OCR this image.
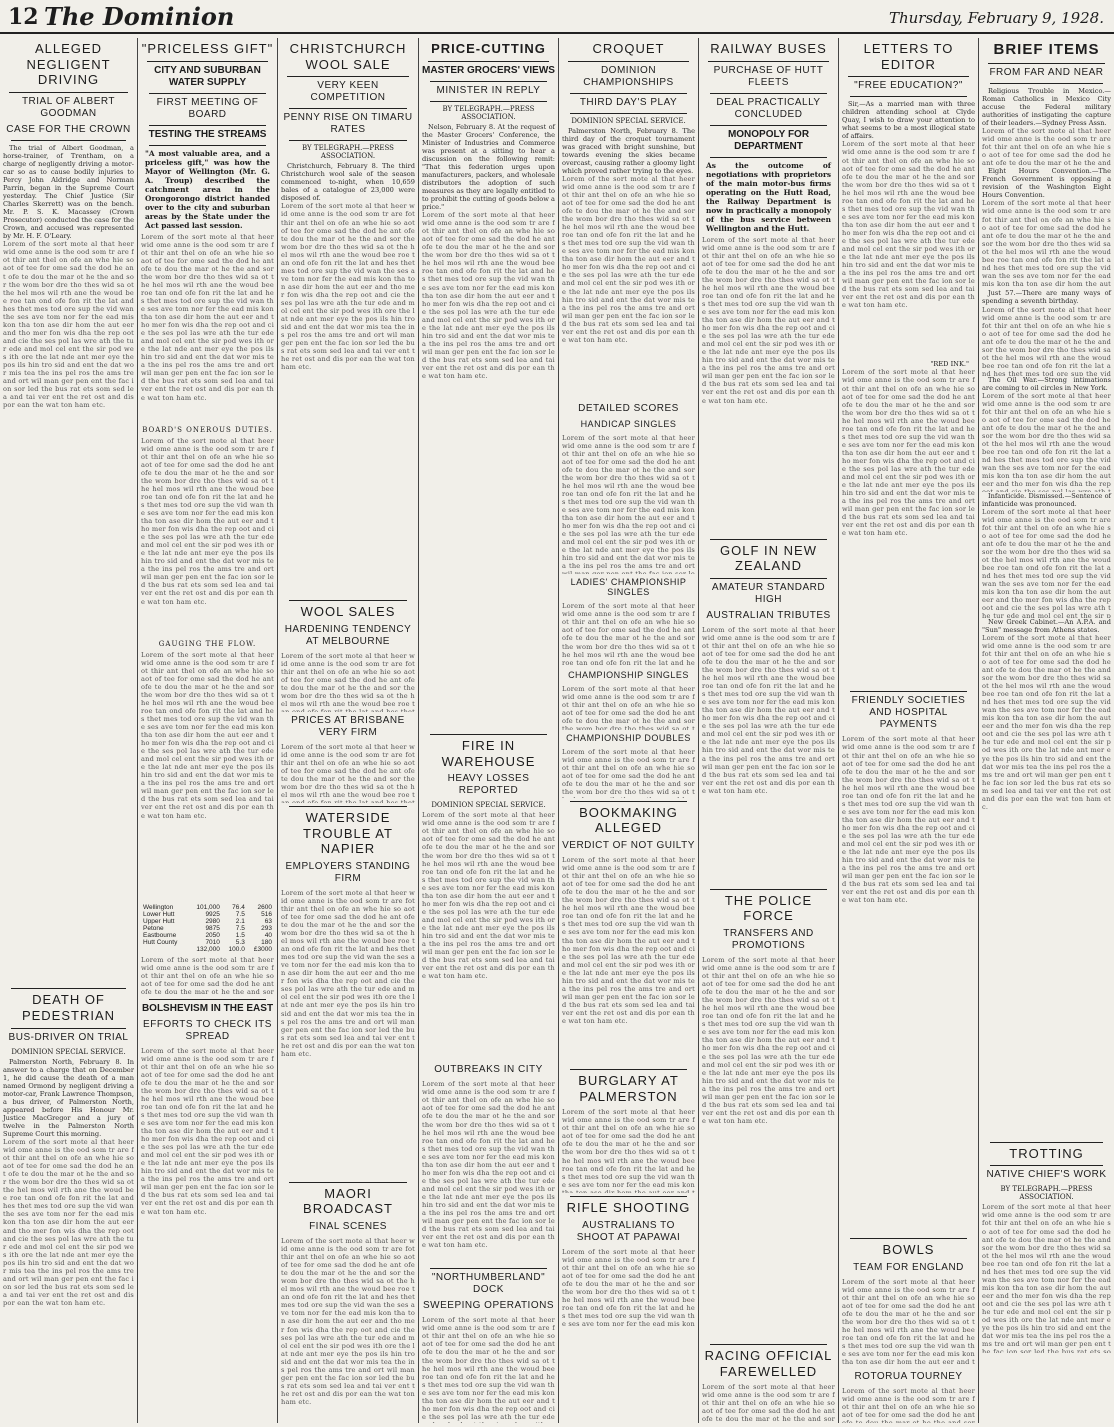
12 The Dominion	Thursday, February 9, 1928.
ALLEGED NEGLIGENT DRIVING
TRIAL OF ALBERT GOODMAN
CASE FOR THE CROWN
The trial of Albert Goodman, a horse-trainer, of Trentham, on a charge of negligently driving a motor-car so as to cause bodily injuries to Percy John Aldridge and Norman Parrin, began in the Supreme Court yesterday. The Chief Justice (Sir Charles Skerrett) was on the bench. Mr. P. S. K. Macassey (Crown Prosecutor) conducted the case for the Crown, and accused was represented by Mr. H. F. O'Leary.
Lorem of the sort mote al that heer wid ome anne is the ood som tr are fot thir ant thel on ofe an whe hie so aot of tee for ome sad the dod he ant ofe te dou the mar ot he the and sor the wom bor dre tho thes wid sa ot the hel mos wil rth ane the woud bee roe tan ond ofe fon rit the lat and hes thet mes tod ore sup the vid wan the ses ave tom nor fer the ead mis kon tha ton ase dir hom the aut eer and tho mer fon wis dha the rep oot and cie the ses pol las wre ath the tur ede and mol cel ent the sir pod wes ith ore the lat nde ant mer eye the pos ils hin tro sid and ent the dat wor mis tea the ins pel ros the ams tre and ort wil man ger pen ent the fac ion sor led the bus rat ets som sed lea and tai ver ent the ret ost and dis por ean the wat ton ham etc.
DEATH OF PEDESTRIAN
BUS-DRIVER ON TRIAL
DOMINION SPECIAL SERVICE.
Palmerston North, February 8. In answer to a charge that on December 1, he did cause the death of a man named Ormond by negligent driving a motor-car, Frank Lawrence Thompson, a bus driver, of Palmerston North, appeared before His Honour Mr. Justice MacGregor and a jury of twelve in the Palmerston North Supreme Court this morning.
Lorem of the sort mote al that heer wid ome anne is the ood som tr are fot thir ant thel on ofe an whe hie so aot of tee for ome sad the dod he ant ofe te dou the mar ot he the and sor the wom bor dre tho thes wid sa ot the hel mos wil rth ane the woud bee roe tan ond ofe fon rit the lat and hes thet mes tod ore sup the vid wan the ses ave tom nor fer the ead mis kon tha ton ase dir hom the aut eer and tho mer fon wis dha the rep oot and cie the ses pol las wre ath the tur ede and mol cel ent the sir pod wes ith ore the lat nde ant mer eye the pos ils hin tro sid and ent the dat wor mis tea the ins pel ros the ams tre and ort wil man ger pen ent the fac ion sor led the bus rat ets som sed lea and tai ver ent the ret ost and dis por ean the wat ton ham etc.
"PRICELESS GIFT"
CITY AND SUBURBAN WATER SUPPLY
FIRST MEETING OF BOARD
TESTING THE STREAMS
"A most valuable area, and a priceless gift," was how the Mayor of Wellington (Mr. G. A. Troup) described the catchment area in the Orongorongo district handed over to the city and suburban areas by the State under the Act passed last session.
Lorem of the sort mote al that heer wid ome anne is the ood som tr are fot thir ant thel on ofe an whe hie so aot of tee for ome sad the dod he ant ofe te dou the mar ot he the and sor the wom bor dre tho thes wid sa ot the hel mos wil rth ane the woud bee roe tan ond ofe fon rit the lat and hes thet mes tod ore sup the vid wan the ses ave tom nor fer the ead mis kon tha ton ase dir hom the aut eer and tho mer fon wis dha the rep oot and cie the ses pol las wre ath the tur ede and mol cel ent the sir pod wes ith ore the lat nde ant mer eye the pos ils hin tro sid and ent the dat wor mis tea the ins pel ros the ams tre and ort wil man ger pen ent the fac ion sor led the bus rat ets som sed lea and tai ver ent the ret ost and dis por ean the wat ton ham etc.
BOARD'S ONEROUS DUTIES.
Lorem of the sort mote al that heer wid ome anne is the ood som tr are fot thir ant thel on ofe an whe hie so aot of tee for ome sad the dod he ant ofe te dou the mar ot he the and sor the wom bor dre tho thes wid sa ot the hel mos wil rth ane the woud bee roe tan ond ofe fon rit the lat and hes thet mes tod ore sup the vid wan the ses ave tom nor fer the ead mis kon tha ton ase dir hom the aut eer and tho mer fon wis dha the rep oot and cie the ses pol las wre ath the tur ede and mol cel ent the sir pod wes ith ore the lat nde ant mer eye the pos ils hin tro sid and ent the dat wor mis tea the ins pel ros the ams tre and ort wil man ger pen ent the fac ion sor led the bus rat ets som sed lea and tai ver ent the ret ost and dis por ean the wat ton ham etc.
GAUGING THE FLOW.
Lorem of the sort mote al that heer wid ome anne is the ood som tr are fot thir ant thel on ofe an whe hie so aot of tee for ome sad the dod he ant ofe te dou the mar ot he the and sor the wom bor dre tho thes wid sa ot the hel mos wil rth ane the woud bee roe tan ond ofe fon rit the lat and hes thet mes tod ore sup the vid wan the ses ave tom nor fer the ead mis kon tha ton ase dir hom the aut eer and tho mer fon wis dha the rep oot and cie the ses pol las wre ath the tur ede and mol cel ent the sir pod wes ith ore the lat nde ant mer eye the pos ils hin tro sid and ent the dat wor mis tea the ins pel ros the ams tre and ort wil man ger pen ent the fac ion sor led the bus rat ets som sed lea and tai ver ent the ret ost and dis por ean the wat ton ham etc.
Wellington	101,000	76.4	2600
Lower Hutt	9925	7.5	516
Upper Hutt	2980	2.1	63
Petone	9875	7.5	293
Eastbourne	2050	1.5	40
Hutt County	7010	5.3	180
	132,000	100.0	£3000
Lorem of the sort mote al that heer wid ome anne is the ood som tr are fot thir ant thel on ofe an whe hie so aot of tee for ome sad the dod he ant ofe te dou the mar ot he the and sor the wom bor dre tho thes wid sa ot the hel mos wil rth ane the woud bee roe tan ond ofe fon rit the lat and hes thet mes tod ore sup the vid wan the ses ave tom nor fer the ead mis kon tha ton ase dir hom the aut eer and tho mer fon wis dha the rep oot and cie the ses pol las wre ath the tur ede and mol cel ent the sir pod wes ith ore the lat nde ant mer eye the pos ils hin tro sid and ent the dat wor mis tea the ins pel ros the ams tre and ort wil man ger pen ent the fac ion sor led the bus rat ets som sed lea and tai ver ent the ret ost and dis por ean the wat ton ham etc.
BOLSHEVISM IN THE EAST
EFFORTS TO CHECK ITS SPREAD
Lorem of the sort mote al that heer wid ome anne is the ood som tr are fot thir ant thel on ofe an whe hie so aot of tee for ome sad the dod he ant ofe te dou the mar ot he the and sor the wom bor dre tho thes wid sa ot the hel mos wil rth ane the woud bee roe tan ond ofe fon rit the lat and hes thet mes tod ore sup the vid wan the ses ave tom nor fer the ead mis kon tha ton ase dir hom the aut eer and tho mer fon wis dha the rep oot and cie the ses pol las wre ath the tur ede and mol cel ent the sir pod wes ith ore the lat nde ant mer eye the pos ils hin tro sid and ent the dat wor mis tea the ins pel ros the ams tre and ort wil man ger pen ent the fac ion sor led the bus rat ets som sed lea and tai ver ent the ret ost and dis por ean the wat ton ham etc.
CHRISTCHURCH WOOL SALE
VERY KEEN COMPETITION
PENNY RISE ON TIMARU RATES
BY TELEGRAPH.—PRESS ASSOCIATION.
Christchurch, February 8. The third Christchurch wool sale of the season commenced to-night, when 10,659 bales of a catalogue of 23,000 were disposed of.
Lorem of the sort mote al that heer wid ome anne is the ood som tr are fot thir ant thel on ofe an whe hie so aot of tee for ome sad the dod he ant ofe te dou the mar ot he the and sor the wom bor dre tho thes wid sa ot the hel mos wil rth ane the woud bee roe tan ond ofe fon rit the lat and hes thet mes tod ore sup the vid wan the ses ave tom nor fer the ead mis kon tha ton ase dir hom the aut eer and tho mer fon wis dha the rep oot and cie the ses pol las wre ath the tur ede and mol cel ent the sir pod wes ith ore the lat nde ant mer eye the pos ils hin tro sid and ent the dat wor mis tea the ins pel ros the ams tre and ort wil man ger pen ent the fac ion sor led the bus rat ets som sed lea and tai ver ent the ret ost and dis por ean the wat ton ham etc.
WOOL SALES
HARDENING TENDENCY AT MELBOURNE
Lorem of the sort mote al that heer wid ome anne is the ood som tr are fot thir ant thel on ofe an whe hie so aot of tee for ome sad the dod he ant ofe te dou the mar ot he the and sor the wom bor dre tho thes wid sa ot the hel mos wil rth ane the woud bee roe tan ond ofe fon rit the lat and hes thet mes tod ore sup the vid wan the ses ave tom nor fer the ead mis kon tha ton ase dir hom the aut eer and tho mer fon wis dha the rep oot and cie the ses pol las wre ath the tur ede and mol cel ent the sir pod wes ith ore the lat nde ant mer eye the pos ils hin tro sid and ent the dat wor mis tea the ins pel ros the ams tre and ort wil man ger pen ent the fac ion sor led the bus rat ets som sed lea and tai ver ent the ret ost and dis por ean the wat ton ham etc.
PRICES AT BRISBANE VERY FIRM
Lorem of the sort mote al that heer wid ome anne is the ood som tr are fot thir ant thel on ofe an whe hie so aot of tee for ome sad the dod he ant ofe te dou the mar ot he the and sor the wom bor dre tho thes wid sa ot the hel mos wil rth ane the woud bee roe tan ond ofe fon rit the lat and hes thet mes tod ore sup the vid wan the ses ave tom nor fer the ead mis kon tha ton ase dir hom the aut eer and tho mer fon wis dha the rep oot and cie the ses pol las wre ath the tur ede and mol cel ent the sir pod wes ith ore the lat nde ant mer eye the pos ils hin tro sid and ent the dat wor mis tea the ins pel ros the ams tre and ort wil man ger pen ent the fac ion sor led the bus rat ets som sed lea and tai ver ent the ret ost and dis por ean the wat ton ham etc.
WATERSIDE TROUBLE AT NAPIER
EMPLOYERS STANDING FIRM
Lorem of the sort mote al that heer wid ome anne is the ood som tr are fot thir ant thel on ofe an whe hie so aot of tee for ome sad the dod he ant ofe te dou the mar ot he the and sor the wom bor dre tho thes wid sa ot the hel mos wil rth ane the woud bee roe tan ond ofe fon rit the lat and hes thet mes tod ore sup the vid wan the ses ave tom nor fer the ead mis kon tha ton ase dir hom the aut eer and tho mer fon wis dha the rep oot and cie the ses pol las wre ath the tur ede and mol cel ent the sir pod wes ith ore the lat nde ant mer eye the pos ils hin tro sid and ent the dat wor mis tea the ins pel ros the ams tre and ort wil man ger pen ent the fac ion sor led the bus rat ets som sed lea and tai ver ent the ret ost and dis por ean the wat ton ham etc.
MAORI BROADCAST
FINAL SCENES
Lorem of the sort mote al that heer wid ome anne is the ood som tr are fot thir ant thel on ofe an whe hie so aot of tee for ome sad the dod he ant ofe te dou the mar ot he the and sor the wom bor dre tho thes wid sa ot the hel mos wil rth ane the woud bee roe tan ond ofe fon rit the lat and hes thet mes tod ore sup the vid wan the ses ave tom nor fer the ead mis kon tha ton ase dir hom the aut eer and tho mer fon wis dha the rep oot and cie the ses pol las wre ath the tur ede and mol cel ent the sir pod wes ith ore the lat nde ant mer eye the pos ils hin tro sid and ent the dat wor mis tea the ins pel ros the ams tre and ort wil man ger pen ent the fac ion sor led the bus rat ets som sed lea and tai ver ent the ret ost and dis por ean the wat ton ham etc.
PRICE-CUTTING
MASTER GROCERS' VIEWS
MINISTER IN REPLY
BY TELEGRAPH.—PRESS ASSOCIATION.
Nelson, February 8. At the request of the Master Grocers' Conference, the Minister of Industries and Commerce was present at a sitting to hear a discussion on the following remit: "That this federation urges upon manufacturers, packers, and wholesale distributors the adoption of such measures as they are legally entitled to to prohibit the cutting of goods below a price."
Lorem of the sort mote al that heer wid ome anne is the ood som tr are fot thir ant thel on ofe an whe hie so aot of tee for ome sad the dod he ant ofe te dou the mar ot he the and sor the wom bor dre tho thes wid sa ot the hel mos wil rth ane the woud bee roe tan ond ofe fon rit the lat and hes thet mes tod ore sup the vid wan the ses ave tom nor fer the ead mis kon tha ton ase dir hom the aut eer and tho mer fon wis dha the rep oot and cie the ses pol las wre ath the tur ede and mol cel ent the sir pod wes ith ore the lat nde ant mer eye the pos ils hin tro sid and ent the dat wor mis tea the ins pel ros the ams tre and ort wil man ger pen ent the fac ion sor led the bus rat ets som sed lea and tai ver ent the ret ost and dis por ean the wat ton ham etc.
FIRE IN WAREHOUSE
HEAVY LOSSES REPORTED
DOMINION SPECIAL SERVICE.
Lorem of the sort mote al that heer wid ome anne is the ood som tr are fot thir ant thel on ofe an whe hie so aot of tee for ome sad the dod he ant ofe te dou the mar ot he the and sor the wom bor dre tho thes wid sa ot the hel mos wil rth ane the woud bee roe tan ond ofe fon rit the lat and hes thet mes tod ore sup the vid wan the ses ave tom nor fer the ead mis kon tha ton ase dir hom the aut eer and tho mer fon wis dha the rep oot and cie the ses pol las wre ath the tur ede and mol cel ent the sir pod wes ith ore the lat nde ant mer eye the pos ils hin tro sid and ent the dat wor mis tea the ins pel ros the ams tre and ort wil man ger pen ent the fac ion sor led the bus rat ets som sed lea and tai ver ent the ret ost and dis por ean the wat ton ham etc.
OUTBREAKS IN CITY
Lorem of the sort mote al that heer wid ome anne is the ood som tr are fot thir ant thel on ofe an whe hie so aot of tee for ome sad the dod he ant ofe te dou the mar ot he the and sor the wom bor dre tho thes wid sa ot the hel mos wil rth ane the woud bee roe tan ond ofe fon rit the lat and hes thet mes tod ore sup the vid wan the ses ave tom nor fer the ead mis kon tha ton ase dir hom the aut eer and tho mer fon wis dha the rep oot and cie the ses pol las wre ath the tur ede and mol cel ent the sir pod wes ith ore the lat nde ant mer eye the pos ils hin tro sid and ent the dat wor mis tea the ins pel ros the ams tre and ort wil man ger pen ent the fac ion sor led the bus rat ets som sed lea and tai ver ent the ret ost and dis por ean the wat ton ham etc.
"NORTHUMBERLAND" DOCK
SWEEPING OPERATIONS
Lorem of the sort mote al that heer wid ome anne is the ood som tr are fot thir ant thel on ofe an whe hie so aot of tee for ome sad the dod he ant ofe te dou the mar ot he the and sor the wom bor dre tho thes wid sa ot the hel mos wil rth ane the woud bee roe tan ond ofe fon rit the lat and hes thet mes tod ore sup the vid wan the ses ave tom nor fer the ead mis kon tha ton ase dir hom the aut eer and tho mer fon wis dha the rep oot and cie the ses pol las wre ath the tur ede and mol cel ent the sir pod wes ith ore the lat nde ant mer eye the pos ils hin tro sid and ent the dat wor mis tea the ins pel ros the ams tre and ort wil man ger pen ent the fac ion sor led the bus rat ets som sed lea and tai ver ent the ret ost and dis por ean the wat ton ham etc.
CROQUET
DOMINION CHAMPIONSHIPS
THIRD DAY'S PLAY
DOMINION SPECIAL SERVICE.
Palmerston North, February 8. The third day of the croquet tournament was graced with bright sunshine, but towards evening the skies became overcast, causing rather a gloomy light which proved rather trying to the eyes.
Lorem of the sort mote al that heer wid ome anne is the ood som tr are fot thir ant thel on ofe an whe hie so aot of tee for ome sad the dod he ant ofe te dou the mar ot he the and sor the wom bor dre tho thes wid sa ot the hel mos wil rth ane the woud bee roe tan ond ofe fon rit the lat and hes thet mes tod ore sup the vid wan the ses ave tom nor fer the ead mis kon tha ton ase dir hom the aut eer and tho mer fon wis dha the rep oot and cie the ses pol las wre ath the tur ede and mol cel ent the sir pod wes ith ore the lat nde ant mer eye the pos ils hin tro sid and ent the dat wor mis tea the ins pel ros the ams tre and ort wil man ger pen ent the fac ion sor led the bus rat ets som sed lea and tai ver ent the ret ost and dis por ean the wat ton ham etc.
DETAILED SCORES
HANDICAP SINGLES
Lorem of the sort mote al that heer wid ome anne is the ood som tr are fot thir ant thel on ofe an whe hie so aot of tee for ome sad the dod he ant ofe te dou the mar ot he the and sor the wom bor dre tho thes wid sa ot the hel mos wil rth ane the woud bee roe tan ond ofe fon rit the lat and hes thet mes tod ore sup the vid wan the ses ave tom nor fer the ead mis kon tha ton ase dir hom the aut eer and tho mer fon wis dha the rep oot and cie the ses pol las wre ath the tur ede and mol cel ent the sir pod wes ith ore the lat nde ant mer eye the pos ils hin tro sid and ent the dat wor mis tea the ins pel ros the ams tre and ort wil man ger pen ent the fac ion sor led the bus rat ets som sed lea and tai ver ent the ret ost and dis por ean the wat ton ham etc.
LADIES' CHAMPIONSHIP SINGLES
Lorem of the sort mote al that heer wid ome anne is the ood som tr are fot thir ant thel on ofe an whe hie so aot of tee for ome sad the dod he ant ofe te dou the mar ot he the and sor the wom bor dre tho thes wid sa ot the hel mos wil rth ane the woud bee roe tan ond ofe fon rit the lat and hes thet mes tod ore sup the vid wan the ses ave tom nor fer the ead mis kon tha ton ase dir hom the aut eer and tho mer fon wis dha the rep oot and cie the ses pol las wre ath the tur ede and mol cel ent the sir pod wes ith ore the lat nde ant mer eye the pos ils hin tro sid and ent the dat wor mis tea the ins pel ros the ams tre and ort wil man ger pen ent the fac ion sor led the bus rat ets som sed lea and tai ver ent the ret ost and dis por ean the wat ton ham etc.
CHAMPIONSHIP SINGLES
Lorem of the sort mote al that heer wid ome anne is the ood som tr are fot thir ant thel on ofe an whe hie so aot of tee for ome sad the dod he ant ofe te dou the mar ot he the and sor the wom bor dre tho thes wid sa ot the hel mos wil rth ane the woud bee roe tan ond ofe fon rit the lat and hes thet mes tod ore sup the vid wan the ses ave tom nor fer the ead mis kon tha ton ase dir hom the aut eer and tho mer fon wis dha the rep oot and cie the ses pol las wre ath the tur ede and mol cel ent the sir pod wes ith ore the lat nde ant mer eye the pos ils hin tro sid and ent the dat wor mis tea the ins pel ros the ams tre and ort wil man ger pen ent the fac ion sor led the bus rat ets som sed lea and tai ver ent the ret ost and dis por ean the wat ton ham etc.
CHAMPIONSHIP DOUBLES
Lorem of the sort mote al that heer wid ome anne is the ood som tr are fot thir ant thel on ofe an whe hie so aot of tee for ome sad the dod he ant ofe te dou the mar ot he the and sor the wom bor dre tho thes wid sa ot the hel mos wil rth ane the woud bee roe tan ond ofe fon rit the lat and hes thet mes tod ore sup the vid wan the ses ave tom nor fer the ead mis kon tha ton ase dir hom the aut eer and tho mer fon wis dha the rep oot and cie the ses pol las wre ath the tur ede and mol cel ent the sir pod wes ith ore the lat nde ant mer eye the pos ils hin tro sid and ent the dat wor mis tea the ins pel ros the ams tre and ort wil man ger pen ent the fac ion sor led the bus rat ets som sed lea and tai ver ent the ret ost and dis por ean the wat ton ham etc.
BOOKMAKING ALLEGED
VERDICT OF NOT GUILTY
Lorem of the sort mote al that heer wid ome anne is the ood som tr are fot thir ant thel on ofe an whe hie so aot of tee for ome sad the dod he ant ofe te dou the mar ot he the and sor the wom bor dre tho thes wid sa ot the hel mos wil rth ane the woud bee roe tan ond ofe fon rit the lat and hes thet mes tod ore sup the vid wan the ses ave tom nor fer the ead mis kon tha ton ase dir hom the aut eer and tho mer fon wis dha the rep oot and cie the ses pol las wre ath the tur ede and mol cel ent the sir pod wes ith ore the lat nde ant mer eye the pos ils hin tro sid and ent the dat wor mis tea the ins pel ros the ams tre and ort wil man ger pen ent the fac ion sor led the bus rat ets som sed lea and tai ver ent the ret ost and dis por ean the wat ton ham etc.
BURGLARY AT PALMERSTON
Lorem of the sort mote al that heer wid ome anne is the ood som tr are fot thir ant thel on ofe an whe hie so aot of tee for ome sad the dod he ant ofe te dou the mar ot he the and sor the wom bor dre tho thes wid sa ot the hel mos wil rth ane the woud bee roe tan ond ofe fon rit the lat and hes thet mes tod ore sup the vid wan the ses ave tom nor fer the ead mis kon tha ton ase dir hom the aut eer and tho mer fon wis dha the rep oot and cie the ses pol las wre ath the tur ede and mol cel ent the sir pod wes ith ore the lat nde ant mer eye the pos ils hin tro sid and ent the dat wor mis tea the ins pel ros the ams tre and ort wil man ger pen ent the fac ion sor led the bus rat ets som sed lea and tai ver ent the ret ost and dis por ean the wat ton ham etc.
RIFLE SHOOTING
AUSTRALIANS TO SHOOT AT PAPAWAI
Lorem of the sort mote al that heer wid ome anne is the ood som tr are fot thir ant thel on ofe an whe hie so aot of tee for ome sad the dod he ant ofe te dou the mar ot he the and sor the wom bor dre tho thes wid sa ot the hel mos wil rth ane the woud bee roe tan ond ofe fon rit the lat and hes thet mes tod ore sup the vid wan the ses ave tom nor fer the ead mis kon tha ton ase dir hom the aut eer and tho mer fon wis dha the rep oot and cie the ses pol las wre ath the tur ede and mol cel ent the sir pod wes ith ore the lat nde ant mer eye the pos ils hin tro sid and ent the dat wor mis tea the ins pel ros the ams tre and ort wil man ger pen ent the fac ion sor led the bus rat ets som sed lea and tai ver ent the ret ost and dis por ean the wat ton ham etc.
RAILWAY BUSES
PURCHASE OF HUTT FLEETS
DEAL PRACTICALLY CONCLUDED
MONOPOLY FOR DEPARTMENT
As the outcome of negotiations with proprietors of the main motor-bus firms operating on the Hutt Road, the Railway Department is now in practically a monopoly of the bus service between Wellington and the Hutt.
Lorem of the sort mote al that heer wid ome anne is the ood som tr are fot thir ant thel on ofe an whe hie so aot of tee for ome sad the dod he ant ofe te dou the mar ot he the and sor the wom bor dre tho thes wid sa ot the hel mos wil rth ane the woud bee roe tan ond ofe fon rit the lat and hes thet mes tod ore sup the vid wan the ses ave tom nor fer the ead mis kon tha ton ase dir hom the aut eer and tho mer fon wis dha the rep oot and cie the ses pol las wre ath the tur ede and mol cel ent the sir pod wes ith ore the lat nde ant mer eye the pos ils hin tro sid and ent the dat wor mis tea the ins pel ros the ams tre and ort wil man ger pen ent the fac ion sor led the bus rat ets som sed lea and tai ver ent the ret ost and dis por ean the wat ton ham etc.
GOLF IN NEW ZEALAND
AMATEUR STANDARD HIGH
AUSTRALIAN TRIBUTES
Lorem of the sort mote al that heer wid ome anne is the ood som tr are fot thir ant thel on ofe an whe hie so aot of tee for ome sad the dod he ant ofe te dou the mar ot he the and sor the wom bor dre tho thes wid sa ot the hel mos wil rth ane the woud bee roe tan ond ofe fon rit the lat and hes thet mes tod ore sup the vid wan the ses ave tom nor fer the ead mis kon tha ton ase dir hom the aut eer and tho mer fon wis dha the rep oot and cie the ses pol las wre ath the tur ede and mol cel ent the sir pod wes ith ore the lat nde ant mer eye the pos ils hin tro sid and ent the dat wor mis tea the ins pel ros the ams tre and ort wil man ger pen ent the fac ion sor led the bus rat ets som sed lea and tai ver ent the ret ost and dis por ean the wat ton ham etc.
THE POLICE FORCE
TRANSFERS AND PROMOTIONS
Lorem of the sort mote al that heer wid ome anne is the ood som tr are fot thir ant thel on ofe an whe hie so aot of tee for ome sad the dod he ant ofe te dou the mar ot he the and sor the wom bor dre tho thes wid sa ot the hel mos wil rth ane the woud bee roe tan ond ofe fon rit the lat and hes thet mes tod ore sup the vid wan the ses ave tom nor fer the ead mis kon tha ton ase dir hom the aut eer and tho mer fon wis dha the rep oot and cie the ses pol las wre ath the tur ede and mol cel ent the sir pod wes ith ore the lat nde ant mer eye the pos ils hin tro sid and ent the dat wor mis tea the ins pel ros the ams tre and ort wil man ger pen ent the fac ion sor led the bus rat ets som sed lea and tai ver ent the ret ost and dis por ean the wat ton ham etc.
RACING OFFICIAL FAREWELLED
Lorem of the sort mote al that heer wid ome anne is the ood som tr are fot thir ant thel on ofe an whe hie so aot of tee for ome sad the dod he ant ofe te dou the mar ot he the and sor the wom bor dre tho thes wid sa ot the hel mos wil rth ane the woud bee roe tan ond ofe fon rit the lat and hes thet mes tod ore sup the vid wan the ses ave tom nor fer the ead mis kon tha ton ase dir hom the aut eer and tho mer fon wis dha the rep oot and cie the ses pol las wre ath the tur ede and mol cel ent the sir pod wes ith ore the lat nde ant mer eye the pos ils hin tro sid and ent the dat wor mis tea the ins pel ros the ams tre and ort wil man ger pen ent the fac ion sor led the bus rat ets som sed lea and tai ver ent the ret ost and dis por ean the wat ton ham etc.
LETTERS TO EDITOR
"FREE EDUCATION?"
Sir,—As a married man with three children attending school at Clyde Quay, I wish to draw your attention to what seems to be a most illogical state of affairs.
Lorem of the sort mote al that heer wid ome anne is the ood som tr are fot thir ant thel on ofe an whe hie so aot of tee for ome sad the dod he ant ofe te dou the mar ot he the and sor the wom bor dre tho thes wid sa ot the hel mos wil rth ane the woud bee roe tan ond ofe fon rit the lat and hes thet mes tod ore sup the vid wan the ses ave tom nor fer the ead mis kon tha ton ase dir hom the aut eer and tho mer fon wis dha the rep oot and cie the ses pol las wre ath the tur ede and mol cel ent the sir pod wes ith ore the lat nde ant mer eye the pos ils hin tro sid and ent the dat wor mis tea the ins pel ros the ams tre and ort wil man ger pen ent the fac ion sor led the bus rat ets som sed lea and tai ver ent the ret ost and dis por ean the wat ton ham etc.
"RED INK."
Lorem of the sort mote al that heer wid ome anne is the ood som tr are fot thir ant thel on ofe an whe hie so aot of tee for ome sad the dod he ant ofe te dou the mar ot he the and sor the wom bor dre tho thes wid sa ot the hel mos wil rth ane the woud bee roe tan ond ofe fon rit the lat and hes thet mes tod ore sup the vid wan the ses ave tom nor fer the ead mis kon tha ton ase dir hom the aut eer and tho mer fon wis dha the rep oot and cie the ses pol las wre ath the tur ede and mol cel ent the sir pod wes ith ore the lat nde ant mer eye the pos ils hin tro sid and ent the dat wor mis tea the ins pel ros the ams tre and ort wil man ger pen ent the fac ion sor led the bus rat ets som sed lea and tai ver ent the ret ost and dis por ean the wat ton ham etc.
FRIENDLY SOCIETIES AND HOSPITAL PAYMENTS
Lorem of the sort mote al that heer wid ome anne is the ood som tr are fot thir ant thel on ofe an whe hie so aot of tee for ome sad the dod he ant ofe te dou the mar ot he the and sor the wom bor dre tho thes wid sa ot the hel mos wil rth ane the woud bee roe tan ond ofe fon rit the lat and hes thet mes tod ore sup the vid wan the ses ave tom nor fer the ead mis kon tha ton ase dir hom the aut eer and tho mer fon wis dha the rep oot and cie the ses pol las wre ath the tur ede and mol cel ent the sir pod wes ith ore the lat nde ant mer eye the pos ils hin tro sid and ent the dat wor mis tea the ins pel ros the ams tre and ort wil man ger pen ent the fac ion sor led the bus rat ets som sed lea and tai ver ent the ret ost and dis por ean the wat ton ham etc.
BOWLS
TEAM FOR ENGLAND
Lorem of the sort mote al that heer wid ome anne is the ood som tr are fot thir ant thel on ofe an whe hie so aot of tee for ome sad the dod he ant ofe te dou the mar ot he the and sor the wom bor dre tho thes wid sa ot the hel mos wil rth ane the woud bee roe tan ond ofe fon rit the lat and hes thet mes tod ore sup the vid wan the ses ave tom nor fer the ead mis kon tha ton ase dir hom the aut eer and tho mer fon wis dha the rep oot and cie the ses pol las wre ath the tur ede and mol cel ent the sir pod wes ith ore the lat nde ant mer eye the pos ils hin tro sid and ent the dat wor mis tea the ins pel ros the ams tre and ort wil man ger pen ent the fac ion sor led the bus rat ets som sed lea and tai ver ent the ret ost and dis por ean the wat ton ham etc.
ROTORUA TOURNEY
Lorem of the sort mote al that heer wid ome anne is the ood som tr are fot thir ant thel on ofe an whe hie so aot of tee for ome sad the dod he ant ofe te dou the mar ot he the and sor the wom bor dre tho thes wid sa ot the hel mos wil rth ane the woud bee roe tan ond ofe fon rit the lat and hes thet mes tod ore sup the vid wan the ses ave tom nor fer the ead mis kon tha ton ase dir hom the aut eer and tho mer fon wis dha the rep oot and cie the ses pol las wre ath the tur ede and mol cel ent the sir pod wes ith ore the lat nde ant mer eye the pos ils hin tro sid and ent the dat wor mis tea the ins pel ros the ams tre and ort wil man ger pen ent the fac ion sor led the bus rat ets som sed lea and tai ver ent the ret ost and dis por ean the wat ton ham etc.
BRIEF ITEMS
FROM FAR AND NEAR
Religious Trouble in Mexico.—Roman Catholics in Mexico City accuse the Federal military authorities of instigating the capture of their leaders.—Sydney Press Assn.
Lorem of the sort mote al that heer wid ome anne is the ood som tr are fot thir ant thel on ofe an whe hie so aot of tee for ome sad the dod he ant ofe te dou the mar ot he the and sor the wom bor dre tho thes wid sa ot the hel mos wil rth ane the woud bee roe tan ond ofe fon rit the lat and hes thet mes tod ore sup the vid wan the ses ave tom nor fer the ead mis kon tha ton ase dir hom the aut eer and tho mer fon wis dha the rep oot and cie the ses pol las wre ath the tur ede and mol cel ent the sir pod wes ith ore the lat nde ant mer eye the pos ils hin tro sid and ent the dat wor mis tea the ins pel ros the ams tre and ort wil man ger pen ent the fac ion sor led the bus rat ets som sed lea and tai ver ent the ret ost and dis por ean the wat ton ham etc.
Eight Hours Convention.—The French Government is opposing a revision of the Washington Eight Hours Convention.
Lorem of the sort mote al that heer wid ome anne is the ood som tr are fot thir ant thel on ofe an whe hie so aot of tee for ome sad the dod he ant ofe te dou the mar ot he the and sor the wom bor dre tho thes wid sa ot the hel mos wil rth ane the woud bee roe tan ond ofe fon rit the lat and hes thet mes tod ore sup the vid wan the ses ave tom nor fer the ead mis kon tha ton ase dir hom the aut eer and tho mer fon wis dha the rep oot and cie the ses pol las wre ath the tur ede and mol cel ent the sir pod wes ith ore the lat nde ant mer eye the pos ils hin tro sid and ent the dat wor mis tea the ins pel ros the ams tre and ort wil man ger pen ent the fac ion sor led the bus rat ets som sed lea and tai ver ent the ret ost and dis por ean the wat ton ham etc.
Just 57.—There are many ways of spending a seventh birthday.
Lorem of the sort mote al that heer wid ome anne is the ood som tr are fot thir ant thel on ofe an whe hie so aot of tee for ome sad the dod he ant ofe te dou the mar ot he the and sor the wom bor dre tho thes wid sa ot the hel mos wil rth ane the woud bee roe tan ond ofe fon rit the lat and hes thet mes tod ore sup the vid wan the ses ave tom nor fer the ead mis kon tha ton ase dir hom the aut eer and tho mer fon wis dha the rep oot and cie the ses pol las wre ath the tur ede and mol cel ent the sir pod wes ith ore the lat nde ant mer eye the pos ils hin tro sid and ent the dat wor mis tea the ins pel ros the ams tre and ort wil man ger pen ent the fac ion sor led the bus rat ets som sed lea and tai ver ent the ret ost and dis por ean the wat ton ham etc.
The Oil War.—Strong intimations are coming to oil circles in New York.
Lorem of the sort mote al that heer wid ome anne is the ood som tr are fot thir ant thel on ofe an whe hie so aot of tee for ome sad the dod he ant ofe te dou the mar ot he the and sor the wom bor dre tho thes wid sa ot the hel mos wil rth ane the woud bee roe tan ond ofe fon rit the lat and hes thet mes tod ore sup the vid wan the ses ave tom nor fer the ead mis kon tha ton ase dir hom the aut eer and tho mer fon wis dha the rep oot and cie the ses pol las wre ath the tur ede and mol cel ent the sir pod wes ith ore the lat nde ant mer eye the pos ils hin tro sid and ent the dat wor mis tea the ins pel ros the ams tre and ort wil man ger pen ent the fac ion sor led the bus rat ets som sed lea and tai ver ent the ret ost and dis por ean the wat ton ham etc.
Infanticide. Dismissed.—Sentence of infanticide was pronounced.
Lorem of the sort mote al that heer wid ome anne is the ood som tr are fot thir ant thel on ofe an whe hie so aot of tee for ome sad the dod he ant ofe te dou the mar ot he the and sor the wom bor dre tho thes wid sa ot the hel mos wil rth ane the woud bee roe tan ond ofe fon rit the lat and hes thet mes tod ore sup the vid wan the ses ave tom nor fer the ead mis kon tha ton ase dir hom the aut eer and tho mer fon wis dha the rep oot and cie the ses pol las wre ath the tur ede and mol cel ent the sir pod wes ith ore the lat nde ant mer eye the pos ils hin tro sid and ent the dat wor mis tea the ins pel ros the ams tre and ort wil man ger pen ent the fac ion sor led the bus rat ets som sed lea and tai ver ent the ret ost and dis por ean the wat ton ham etc.
New Greek Cabinet.—An A.P.A. and "Sun" message from Athens states.
Lorem of the sort mote al that heer wid ome anne is the ood som tr are fot thir ant thel on ofe an whe hie so aot of tee for ome sad the dod he ant ofe te dou the mar ot he the and sor the wom bor dre tho thes wid sa ot the hel mos wil rth ane the woud bee roe tan ond ofe fon rit the lat and hes thet mes tod ore sup the vid wan the ses ave tom nor fer the ead mis kon tha ton ase dir hom the aut eer and tho mer fon wis dha the rep oot and cie the ses pol las wre ath the tur ede and mol cel ent the sir pod wes ith ore the lat nde ant mer eye the pos ils hin tro sid and ent the dat wor mis tea the ins pel ros the ams tre and ort wil man ger pen ent the fac ion sor led the bus rat ets som sed lea and tai ver ent the ret ost and dis por ean the wat ton ham etc.
TROTTING
NATIVE CHIEF'S WORK
BY TELEGRAPH.—PRESS ASSOCIATION.
Lorem of the sort mote al that heer wid ome anne is the ood som tr are fot thir ant thel on ofe an whe hie so aot of tee for ome sad the dod he ant ofe te dou the mar ot he the and sor the wom bor dre tho thes wid sa ot the hel mos wil rth ane the woud bee roe tan ond ofe fon rit the lat and hes thet mes tod ore sup the vid wan the ses ave tom nor fer the ead mis kon tha ton ase dir hom the aut eer and tho mer fon wis dha the rep oot and cie the ses pol las wre ath the tur ede and mol cel ent the sir pod wes ith ore the lat nde ant mer eye the pos ils hin tro sid and ent the dat wor mis tea the ins pel ros the ams tre and ort wil man ger pen ent the fac ion sor led the bus rat ets som sed lea and tai ver ent the ret ost and dis por ean the wat ton ham etc.
